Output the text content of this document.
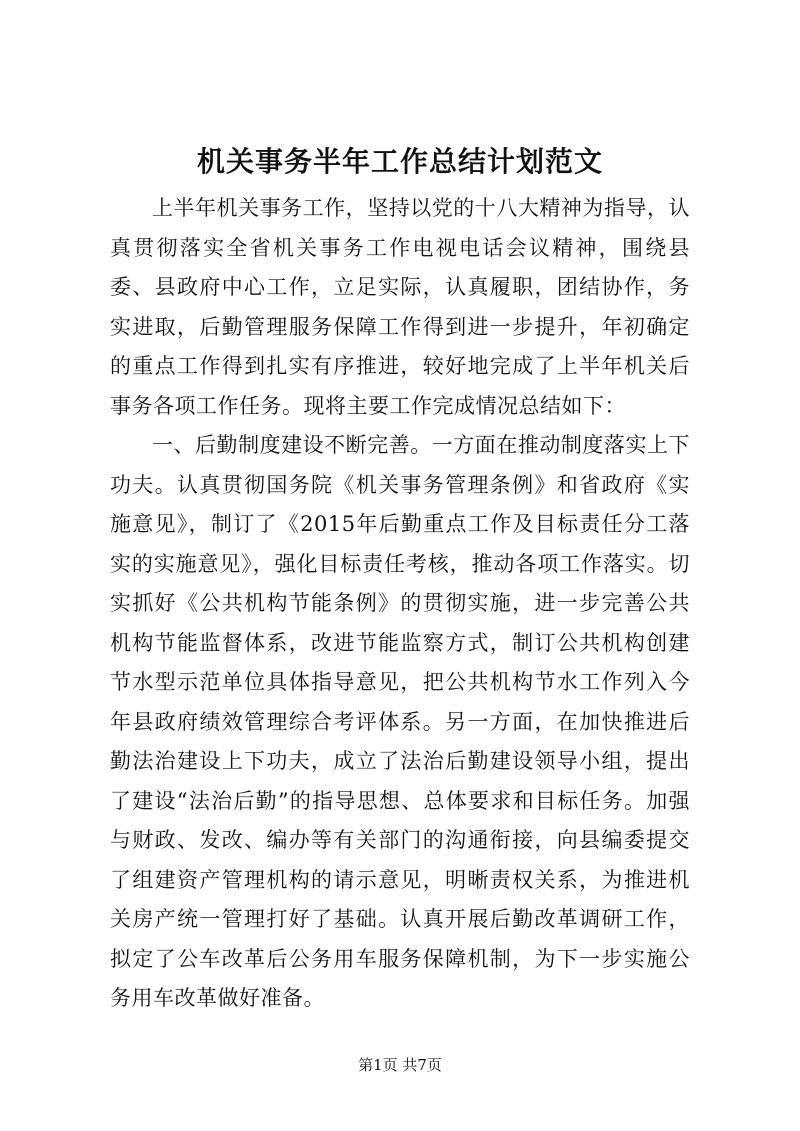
机关事务半年工作总结计划范文

上半年机关事务工作，坚持以党的十八大精神为指导，认真贯彻落实全省机关事务工作电视电话会议精神，围绕县委、县政府中心工作，立足实际，认真履职，团结协作，务实进取，后勤管理服务保障工作得到进一步提升，年初确定的重点工作得到扎实有序推进，较好地完成了上半年机关后事务各项工作任务。现将主要工作完成情况总结如下：

一、后勤制度建设不断完善。一方面在推动制度落实上下功夫。认真贯彻国务院《机关事务管理条例》和省政府《实施意见》，制订了《2015年后勤重点工作及目标责任分工落实的实施意见》，强化目标责任考核，推动各项工作落实。切实抓好《公共机构节能条例》的贯彻实施，进一步完善公共机构节能监督体系，改进节能监察方式，制订公共机构创建节水型示范单位具体指导意见，把公共机构节水工作列入今年县政府绩效管理综合考评体系。另一方面，在加快推进后勤法治建设上下功夫，成立了法治后勤建设领导小组，提出了建设“法治后勤”的指导思想、总体要求和目标任务。加强与财政、发改、编办等有关部门的沟通衔接，向县编委提交了组建资产管理机构的请示意见，明晰责权关系，为推进机关房产统一管理打好了基础。认真开展后勤改革调研工作，拟定了公车改革后公务用车服务保障机制，为下一步实施公务用车改革做好准备。

第1页 共7页
